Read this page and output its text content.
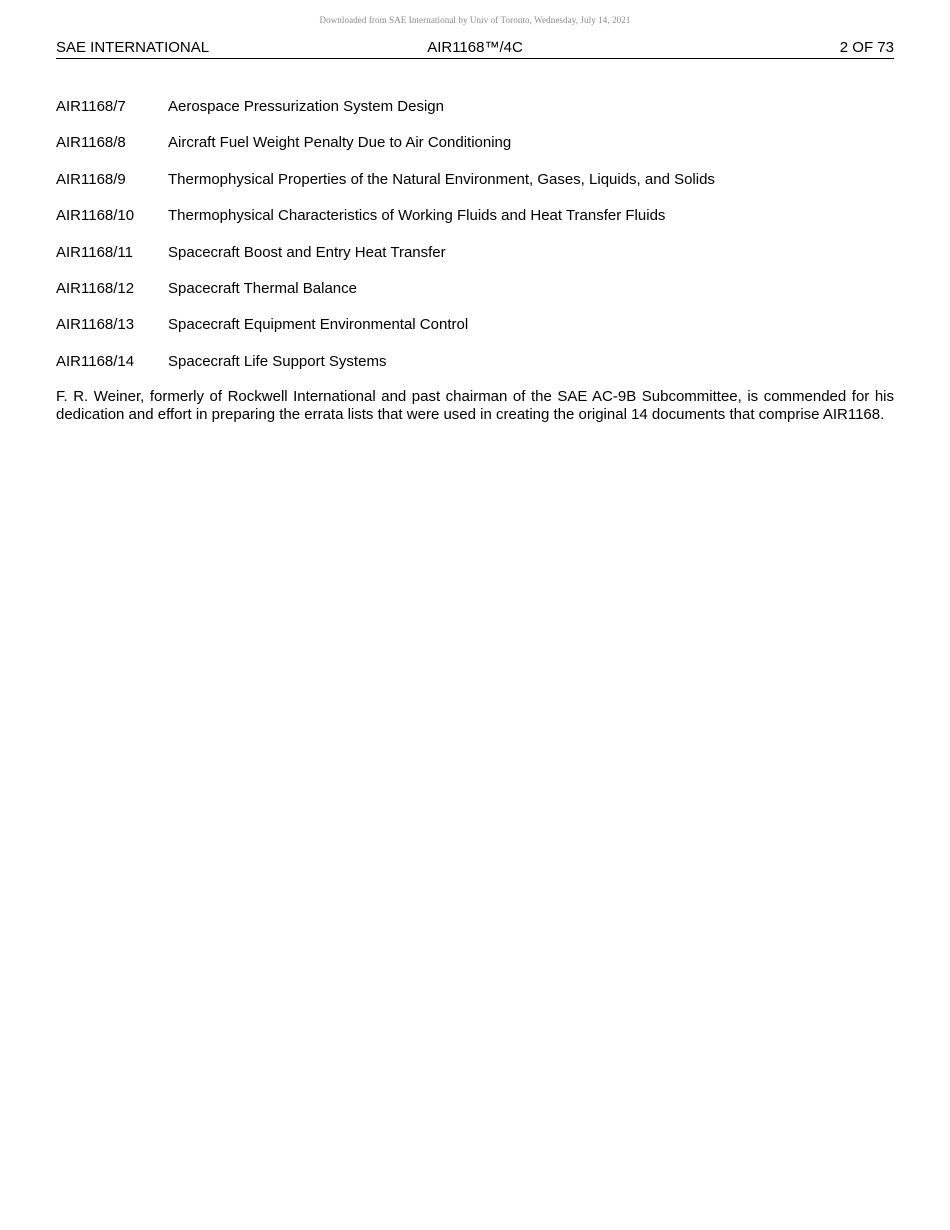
Downloaded from SAE International by Univ of Toronto, Wednesday, July 14, 2021
SAE INTERNATIONAL	AIR1168™/4C	2 OF 73
AIR1168/7	Aerospace Pressurization System Design
AIR1168/8	Aircraft Fuel Weight Penalty Due to Air Conditioning
AIR1168/9	Thermophysical Properties of the Natural Environment, Gases, Liquids, and Solids
AIR1168/10 Thermophysical Characteristics of Working Fluids and Heat Transfer Fluids
AIR1168/11 Spacecraft Boost and Entry Heat Transfer
AIR1168/12 Spacecraft Thermal Balance
AIR1168/13 Spacecraft Equipment Environmental Control
AIR1168/14 Spacecraft Life Support Systems

F. R. Weiner, formerly of Rockwell International and past chairman of the SAE AC-9B Subcommittee, is commended for his dedication and effort in preparing the errata lists that were used in creating the original 14 documents that comprise AIR1168.
